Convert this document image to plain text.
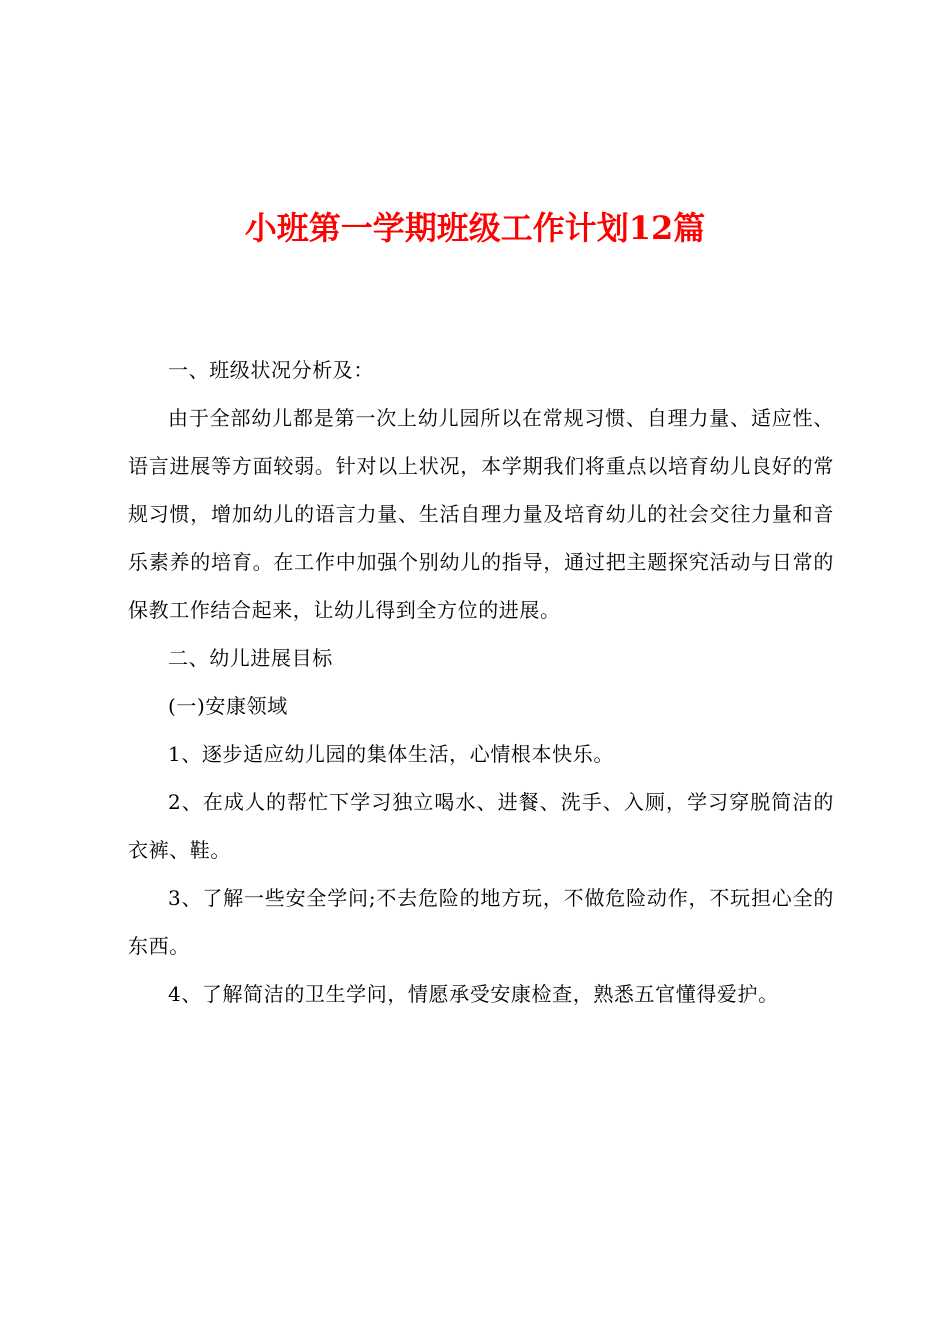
小班第一学期班级工作计划12篇

一、班级状况分析及：

由于全部幼儿都是第一次上幼儿园所以在常规习惯、自理力量、适应性、语言进展等方面较弱。针对以上状况，本学期我们将重点以培育幼儿良好的常规习惯，增加幼儿的语言力量、生活自理力量及培育幼儿的社会交往力量和音乐素养的培育。在工作中加强个别幼儿的指导，通过把主题探究活动与日常的保教工作结合起来，让幼儿得到全方位的进展。

二、幼儿进展目标

(一)安康领域

1、逐步适应幼儿园的集体生活，心情根本快乐。

2、在成人的帮忙下学习独立喝水、进餐、洗手、入厕，学习穿脱简洁的衣裤、鞋。

3、了解一些安全学问;不去危险的地方玩，不做危险动作，不玩担心全的东西。

4、了解简洁的卫生学问，情愿承受安康检查，熟悉五官懂得爱护。
